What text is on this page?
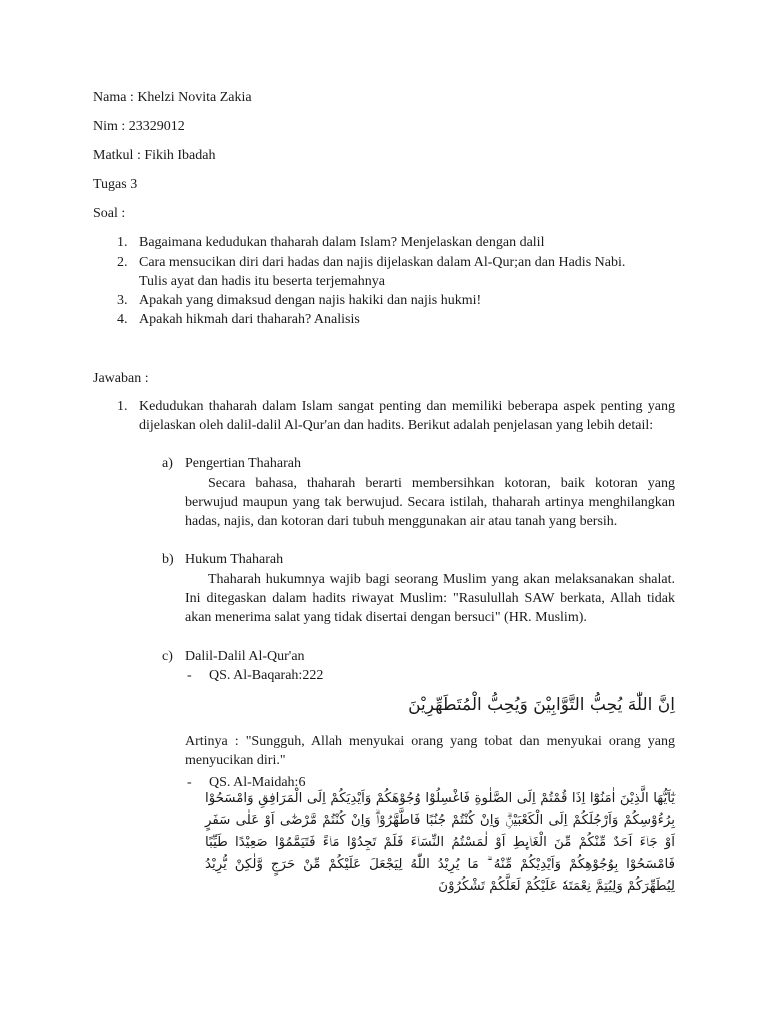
Nama : Khelzi Novita Zakia
Nim : 23329012
Matkul : Fikih Ibadah
Tugas 3
Soal :
1. Bagaimana kedudukan thaharah dalam Islam? Menjelaskan dengan dalil
2. Cara mensucikan diri dari hadas dan najis dijelaskan dalam Al-Qur;an dan Hadis Nabi.
Tulis ayat dan hadis itu beserta terjemahnya
3. Apakah yang dimaksud dengan najis hakiki dan najis hukmi!
4. Apakah hikmah dari thaharah? Analisis
Jawaban :
1. Kedudukan thaharah dalam Islam sangat penting dan memiliki beberapa aspek penting yang dijelaskan oleh dalil-dalil Al-Qur'an dan hadits. Berikut adalah penjelasan yang lebih detail:
a) Pengertian Thaharah
Secara bahasa, thaharah berarti membersihkan kotoran, baik kotoran yang berwujud maupun yang tak berwujud. Secara istilah, thaharah artinya menghilangkan hadas, najis, dan kotoran dari tubuh menggunakan air atau tanah yang bersih.
b) Hukum Thaharah
Thaharah hukumnya wajib bagi seorang Muslim yang akan melaksanakan shalat. Ini ditegaskan dalam hadits riwayat Muslim: "Rasulullah SAW berkata, Allah tidak akan menerima salat yang tidak disertai dengan bersuci" (HR. Muslim).
c) Dalil-Dalil Al-Qur'an
-	QS. Al-Baqarah:222
اِنَّ اللّٰهَ يُحِبُّ التَّوَّابِيْنَ وَيُحِبُّ الْمُتَطَهِّرِيْنَ
Artinya : "Sungguh, Allah menyukai orang yang tobat dan menyukai orang yang menyucikan diri."
-	QS. Al-Maidah:6
يٰٓاَيُّهَا الَّذِيْنَ اٰمَنُوْٓا اِذَا قُمْتُمْ اِلَى الصَّلٰوةِ فَاغْسِلُوْا وُجُوْهَكُمْ وَاَيْدِيَكُمْ اِلَى الْمَرَافِقِ وَامْسَحُوْا بِرُءُوْسِكُمْ وَاَرْجُلَكُمْ اِلَى الْكَعْبَيْنِۗ وَاِنْ كُنْتُمْ جُنُبًا فَاطَّهَّرُوْاۗ وَاِنْ كُنْتُمْ مَّرْضٰٓى اَوْ عَلٰى سَفَرٍ اَوْ جَاۤءَ اَحَدٌ مِّنْكُمْ مِّنَ الْغَاۤىِٕطِ اَوْ لٰمَسْتُمُ النِّسَاۤءَ فَلَمْ تَجِدُوْا مَاۤءً فَتَيَمَّمُوْا صَعِيْدًا طَيِّبًا فَامْسَحُوْا بِوُجُوْهِكُمْ وَاَيْدِيْكُمْ مِّنْهُ ۗ مَا يُرِيْدُ اللّٰهُ لِيَجْعَلَ عَلَيْكُمْ مِّنْ حَرَجٍ وَّلٰكِنْ يُّرِيْدُ لِيُطَهِّرَكُمْ وَلِيُتِمَّ نِعْمَتَهٗ عَلَيْكُمْ لَعَلَّكُمْ تَشْكُرُوْنَ
